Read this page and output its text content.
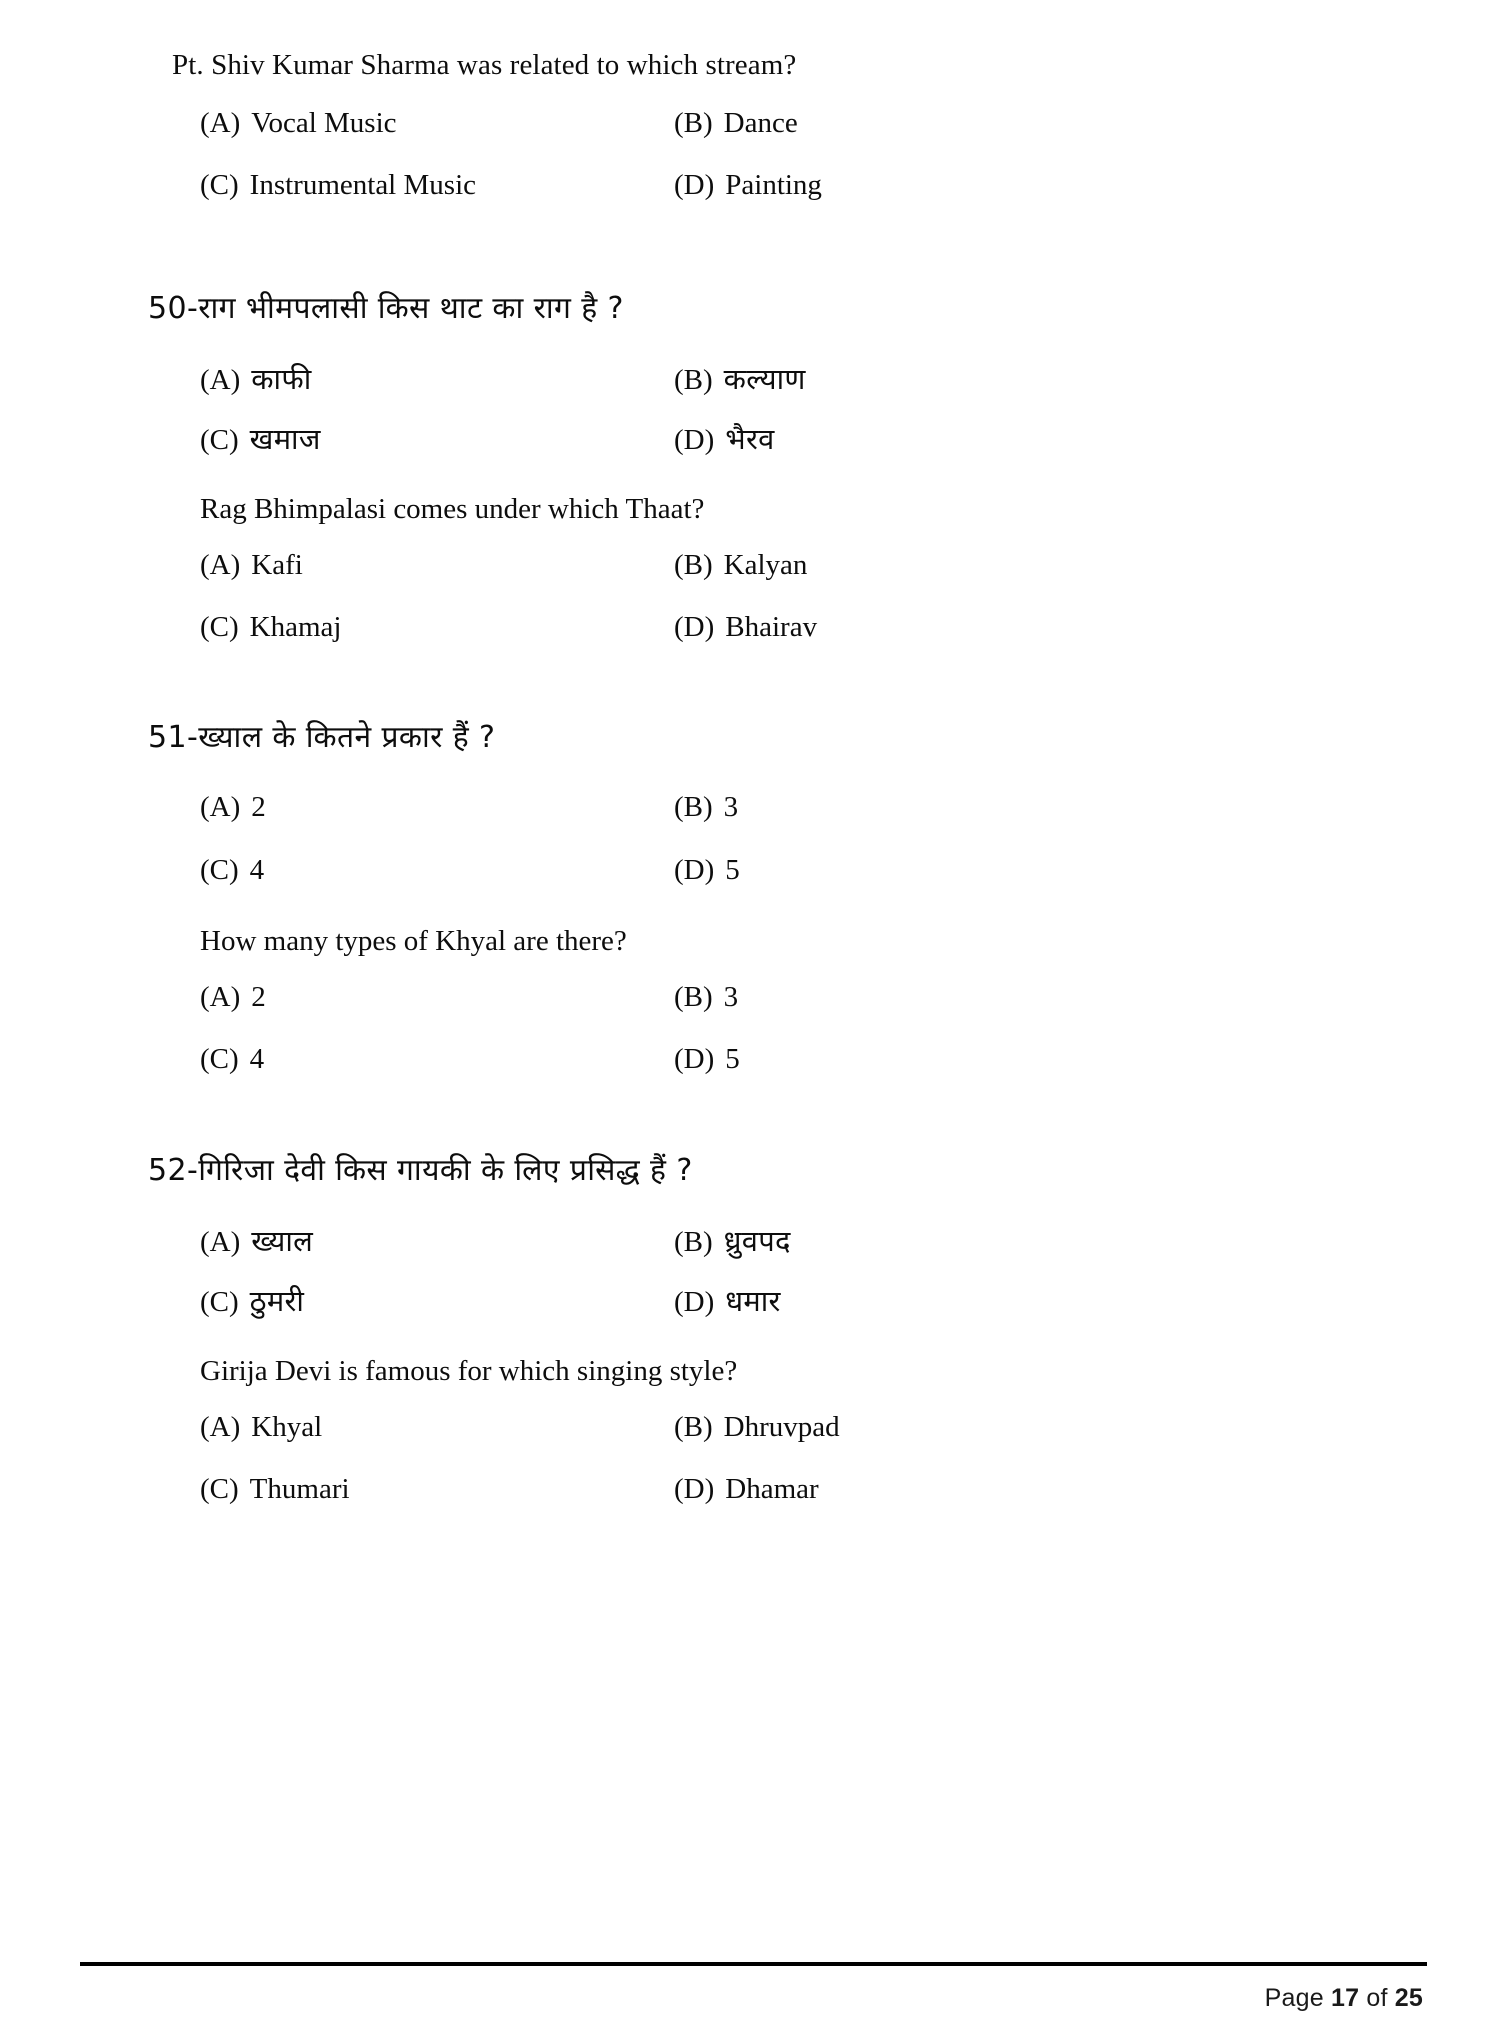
Pt. Shiv Kumar Sharma was related to which stream?
(A) Vocal Music	(B) Dance
(C) Instrumental Music	(D) Painting
50-राग भीमपलासी किस थाट का राग है ?
(A) काफी	(B) कल्याण
(C) खमाज	(D) भैरव
Rag Bhimpalasi comes under which Thaat?
(A) Kafi	(B) Kalyan
(C) Khamaj	(D) Bhairav
51-ख्याल के कितने प्रकार हैं ?
(A) 2	(B) 3
(C) 4	(D) 5
How many types of Khyal are there?
(A) 2	(B) 3
(C) 4	(D) 5
52-गिरिजा देवी किस गायकी के लिए प्रसिद्ध हैं ?
(A) ख्याल	(B) ध्रुवपद
(C) ठुमरी	(D) धमार
Girija Devi is famous for which singing style?
(A) Khyal	(B) Dhruvpad
(C) Thumari	(D) Dhamar
Page 17 of 25
